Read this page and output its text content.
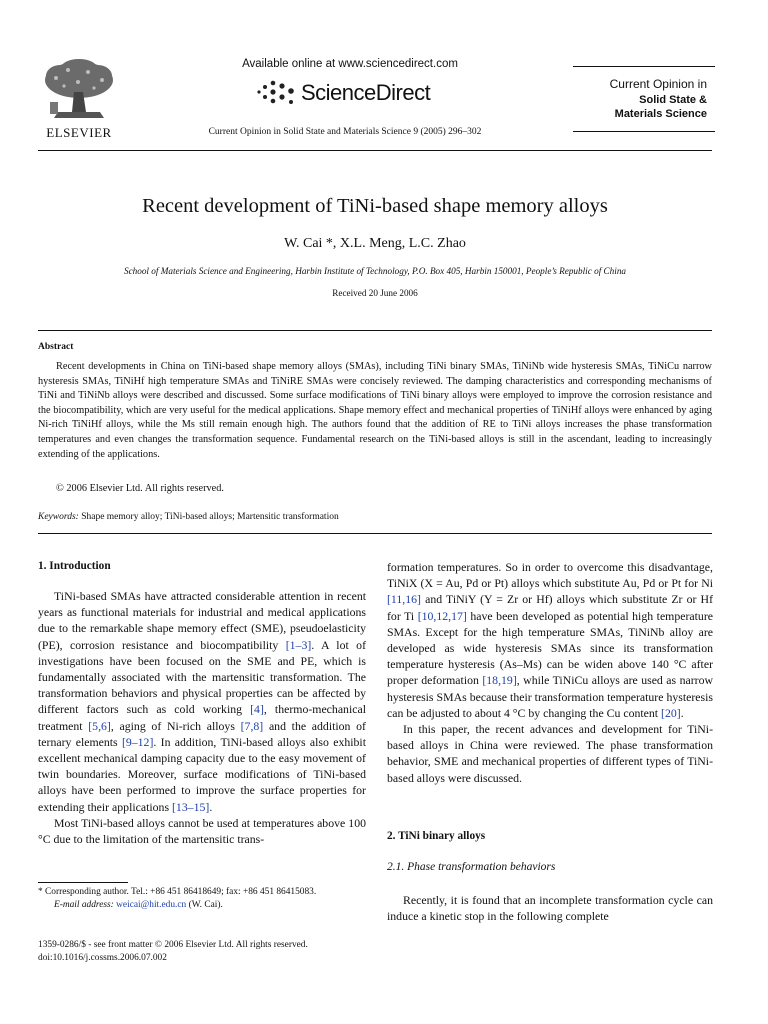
ELSEVIER
Available online at www.sciencedirect.com
ScienceDirect
Current Opinion in Solid State and Materials Science 9 (2005) 296–302
Current Opinion in
Solid State &
Materials Science
Recent development of TiNi-based shape memory alloys
W. Cai *, X.L. Meng, L.C. Zhao
School of Materials Science and Engineering, Harbin Institute of Technology, P.O. Box 405, Harbin 150001, People’s Republic of China
Received 20 June 2006
Abstract

Recent developments in China on TiNi-based shape memory alloys (SMAs), including TiNi binary SMAs, TiNiNb wide hysteresis SMAs, TiNiCu narrow hysteresis SMAs, TiNiHf high temperature SMAs and TiNiRE SMAs were concisely reviewed. The damping characteristics and corresponding mechanisms of TiNi and TiNiNb alloys were described and discussed. Some surface modifications of TiNi binary alloys were employed to improve the corrosion resistance and the biocompatibility, which are very useful for the medical applications. Shape memory effect and mechanical properties of TiNiHf alloys were enhanced by aging Ni-rich TiNiHf alloys, while the Ms still remain enough high. The authors found that the addition of RE to TiNi alloys increases the phase transformation temperatures and even changes the transformation sequence. Fundamental research on the TiNi-based alloys is still in the ascendant, leading to increasingly extending of the applications.

© 2006 Elsevier Ltd. All rights reserved.
Keywords: Shape memory alloy; TiNi-based alloys; Martensitic transformation
1. Introduction

TiNi-based SMAs have attracted considerable attention in recent years as functional materials for industrial and medical applications due to the remarkable shape memory effect (SME), pseudoelasticity (PE), corrosion resistance and biocompatibility [1–3]. A lot of investigations have been focused on the SME and PE, which is fundamentally associated with the martensitic transformation. The transformation behaviors and physical properties can be affected by different factors such as cold working [4], thermo-mechanical treatment [5,6], aging of Ni-rich alloys [7,8] and the addition of ternary elements [9–12]. In addition, TiNi-based alloys also exhibit excellent mechanical damping capacity due to the easy movement of twin boundaries. Moreover, surface modifications of TiNi-based alloys have been performed to improve the surface properties for extending their applications [13–15].

Most TiNi-based alloys cannot be used at temperatures above 100 °C due to the limitation of the martensitic trans-

* Corresponding author. Tel.: +86 451 86418649; fax: +86 451 86415083.
E-mail address: weicai@hit.edu.cn (W. Cai).
1359-0286/$ - see front matter © 2006 Elsevier Ltd. All rights reserved.
doi:10.1016/j.cossms.2006.07.002

formation temperatures. So in order to overcome this disadvantage, TiNiX (X = Au, Pd or Pt) alloys which substitute Au, Pd or Pt for Ni [11,16] and TiNiY (Y = Zr or Hf) alloys which substitute Zr or Hf for Ti [10,12,17] have been developed as potential high temperature SMAs. Except for the high temperature SMAs, TiNiNb alloy are developed as wide hysteresis SMAs since its transformation temperature hysteresis (As–Ms) can be widen above 140 °C after proper deformation [18,19], while TiNiCu alloys are used as narrow hysteresis SMAs because their transformation temperature hysteresis can be adjusted to about 4 °C by changing the Cu content [20].

In this paper, the recent advances and development for TiNi-based alloys in China were reviewed. The phase transformation behavior, SME and mechanical properties of different types of TiNi-based alloys were discussed.

2. TiNi binary alloys
2.1. Phase transformation behaviors

Recently, it is found that an incomplete transformation cycle can induce a kinetic stop in the following complete
